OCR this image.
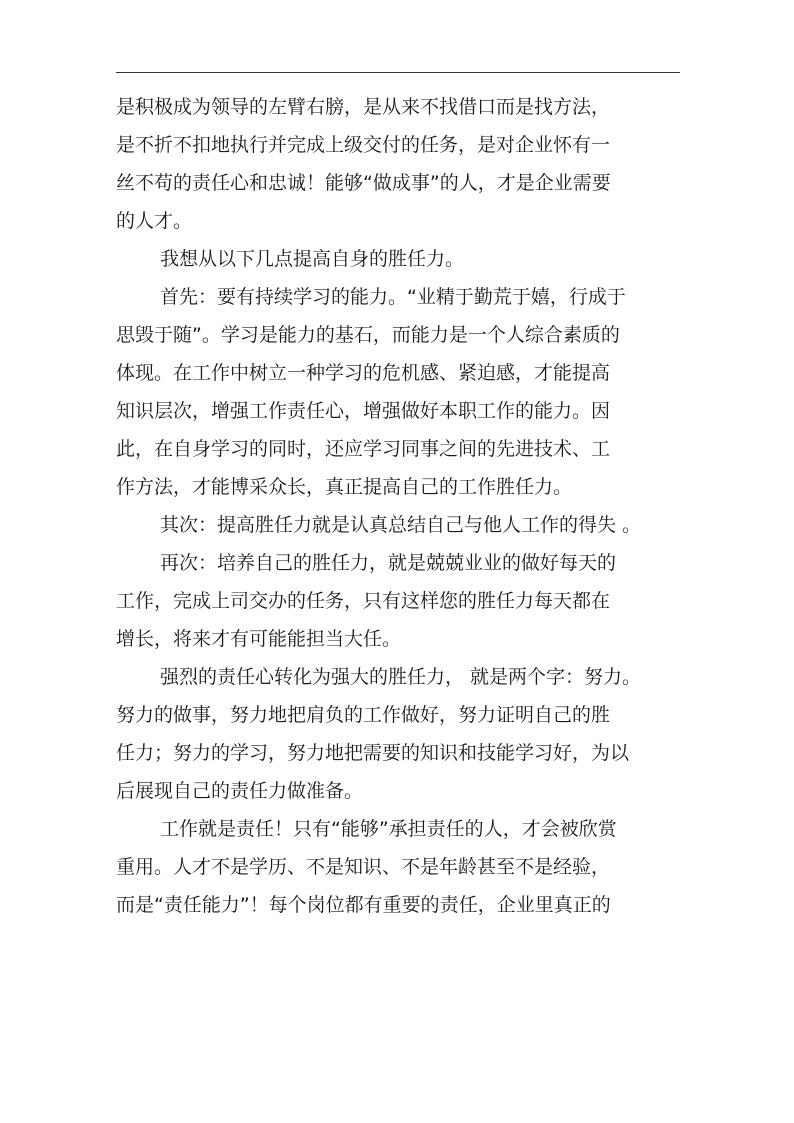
是积极成为领导的左臂右膀，是从来不找借口而是找方法，
是不折不扣地执行并完成上级交付的任务，是对企业怀有一
丝不苟的责任心和忠诚！能够“做成事”的人，才是企业需要
的人才。
我想从以下几点提高自身的胜任力。
首先：要有持续学习的能力。“业精于勤荒于嬉，行成于
思毁于随”。学习是能力的基石，而能力是一个人综合素质的
体现。在工作中树立一种学习的危机感、紧迫感，才能提高
知识层次，增强工作责任心，增强做好本职工作的能力。因
此，在自身学习的同时，还应学习同事之间的先进技术、工
作方法，才能博采众长，真正提高自己的工作胜任力。
其次：提高胜任力就是认真总结自己与他人工作的得失 。
再次：培养自己的胜任力，就是兢兢业业的做好每天的
工作，完成上司交办的任务，只有这样您的胜任力每天都在
增长，将来才有可能能担当大任。
强烈的责任心转化为强大的胜任力， 就是两个字：努力。
努力的做事，努力地把肩负的工作做好，努力证明自己的胜
任力；努力的学习，努力地把需要的知识和技能学习好，为以
后展现自己的责任力做准备。
工作就是责任！只有“能够”承担责任的人，才会被欣赏
重用。人才不是学历、不是知识、不是年龄甚至不是经验，
而是“责任能力”！每个岗位都有重要的责任，企业里真正的
